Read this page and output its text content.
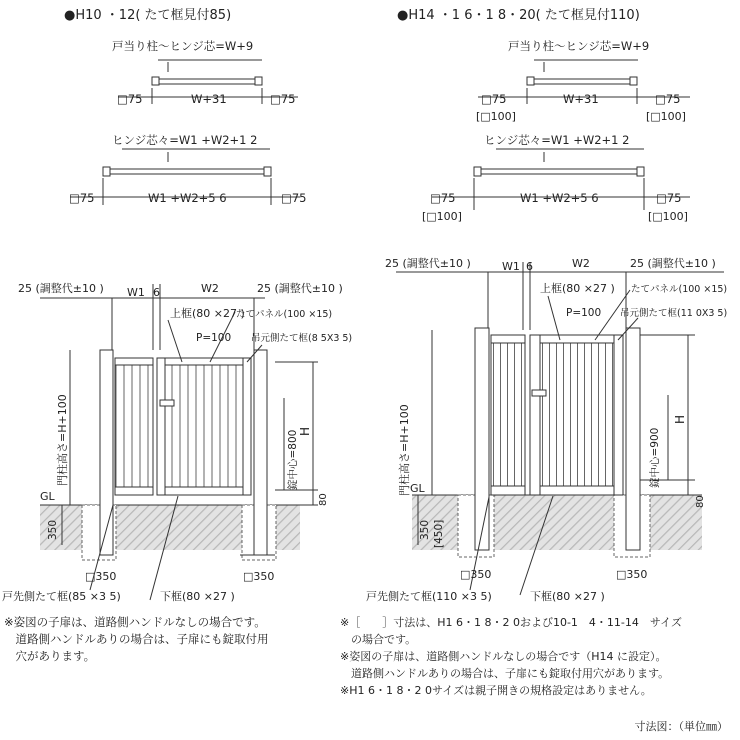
●H10 ・12( たて框見付85)
戸当り柱〜ヒンジ芯=W+9
□75	W+31	□75
ヒンジ芯々=W1 +W2+1 2
□75	W1 +W2+5 6	□75
25 (調整代±10 ) W1 6	W2	25 (調整代±10 )
上框(80 ×27 )
たてパネル(100 ×15)
吊元側たて框(8 5X3 5)
P=100
門柱高さ=H+100	錠中心=800 H
80
GL
350
□350	□350
戸先側たて框(85 ×3 5)	下框(80 ×27 )
●H14 ・1 6・1 8・20( たて框見付110)
戸当り柱〜ヒンジ芯=W+9
□75
[□100]
W+31	□75
[□100]
ヒンジ芯々=W1 +W2+1 2
□75
[□100]
W1 +W2+5 6	□75
[□100]
25 (調整代±10 )	W1 6	W2	25 (調整代±10 )
上框(80 ×27 ) たてパネル(100 ×15)
吊元側たて框(11 0X3 5)
P=100
門柱高さ=H+100	錠中心=900
H
80
GL
350 [450]
□350	□350
戸先側たて框(110 ×3 5)	下框(80 ×27 )
※姿図の子扉は、道路側ハンドルなしの場合です。
　道路側ハンドルありの場合は、子扉にも錠取付用
　穴があります。
※［　　］寸法は、H1 6・1 8・2 0および10-1　4・11-14　サイズ
　の場合です。
※姿図の子扉は、道路側ハンドルなしの場合です（H14 に設定）。
　道路側ハンドルありの場合は、子扉にも錠取付用穴があります。
※H1 6・1 8・2 0サイズは親子開きの規格設定はありません。
寸法図：（単位㎜）
